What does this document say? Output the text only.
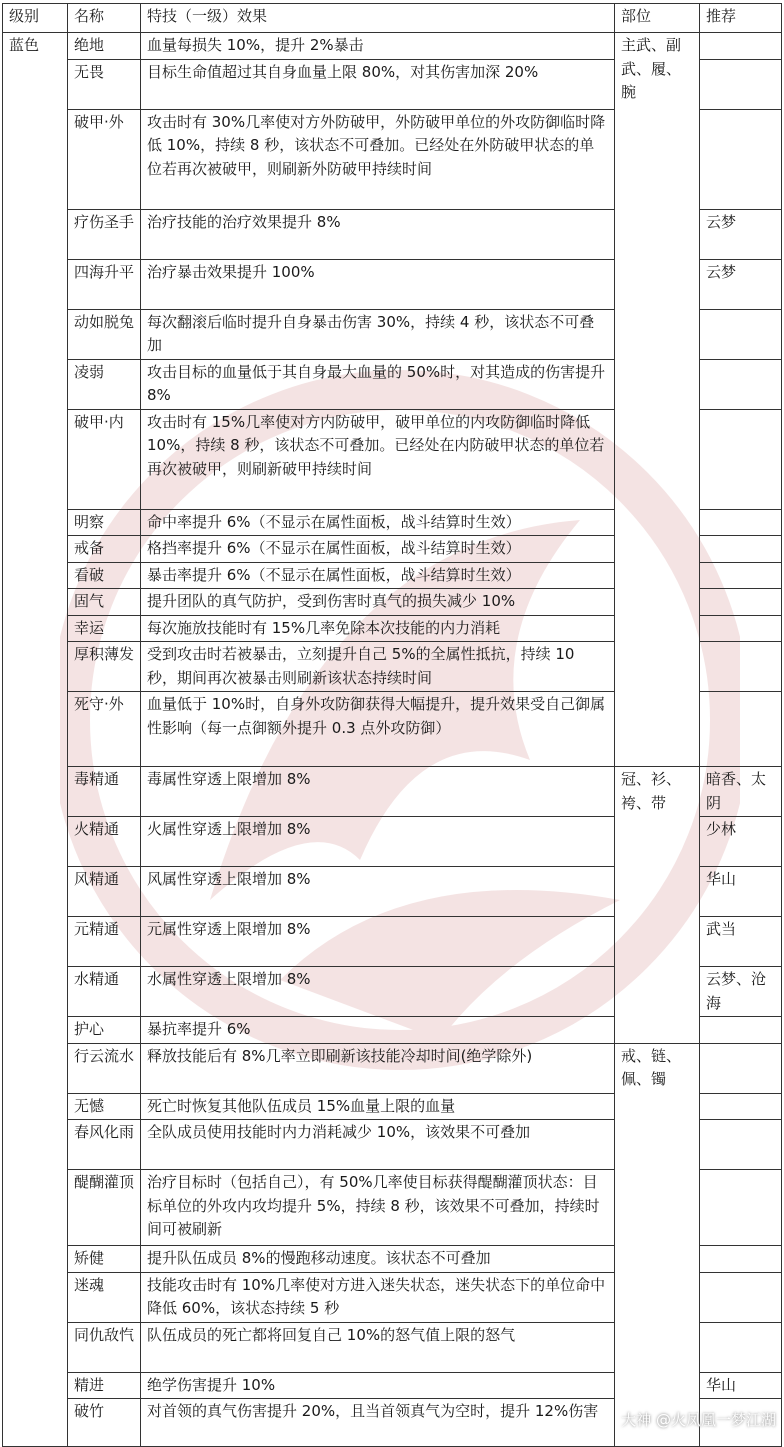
级别	名称	特技（一级）效果	部位	推荐
蓝色	绝地	血量每损失 10%，提升 2%暴击	主武、副武、履、腕	
	无畏	目标生命值超过其自身血量上限 80%，对其伤害加深 20%		
	破甲·外	攻击时有 30%几率使对方外防破甲，外防破甲单位的外攻防御临时降低 10%，持续 8 秒，该状态不可叠加。已经处在外防破甲状态的单位若再次被破甲，则刷新外防破甲持续时间		
	疗伤圣手	治疗技能的治疗效果提升 8%		云梦
	四海升平	治疗暴击效果提升 100%		云梦
	动如脱兔	每次翻滚后临时提升自身暴击伤害 30%，持续 4 秒，该状态不可叠加		
	凌弱	攻击目标的血量低于其自身最大血量的 50%时，对其造成的伤害提升 8%		
	破甲·内	攻击时有 15%几率使对方内防破甲，破甲单位的内攻防御临时降低 10%，持续 8 秒，该状态不可叠加。已经处在内防破甲状态的单位若再次被破甲，则刷新破甲持续时间		
	明察	命中率提升 6%（不显示在属性面板，战斗结算时生效）		
	戒备	格挡率提升 6%（不显示在属性面板，战斗结算时生效）		
	看破	暴击率提升 6%（不显示在属性面板，战斗结算时生效）		
	固气	提升团队的真气防护，受到伤害时真气的损失减少 10%		
	幸运	每次施放技能时有 15%几率免除本次技能的内力消耗		
	厚积薄发	受到攻击时若被暴击，立刻提升自己 5%的全属性抵抗，持续 10 秒，期间再次被暴击则刷新该状态持续时间		
	死守·外	血量低于 10%时，自身外攻防御获得大幅提升，提升效果受自己御属性影响（每一点御额外提升 0.3 点外攻防御）		
	毒精通	毒属性穿透上限增加 8%	冠、衫、袴、带	暗香、太阴
	火精通	火属性穿透上限增加 8%		少林
	风精通	风属性穿透上限增加 8%		华山
	元精通	元属性穿透上限增加 8%		武当
	水精通	水属性穿透上限增加 8%		云梦、沧海
	护心	暴抗率提升 6%		
	行云流水	释放技能后有 8%几率立即刷新该技能冷却时间(绝学除外)	戒、链、佩、镯	
	无憾	死亡时恢复其他队伍成员 15%血量上限的血量		
	春风化雨	全队成员使用技能时内力消耗减少 10%，该效果不可叠加		
	醍醐灌顶	治疗目标时（包括自己），有 50%几率使目标获得醍醐灌顶状态：目标单位的外攻内攻均提升 5%，持续 8 秒，该效果不可叠加，持续时间可被刷新		
	矫健	提升队伍成员 8%的慢跑移动速度。该状态不可叠加		
	迷魂	技能攻击时有 10%几率使对方进入迷失状态，迷失状态下的单位命中降低 60%，该状态持续 5 秒		
	同仇敌忾	队伍成员的死亡都将回复自己 10%的怒气值上限的怒气		
	精进	绝学伤害提升 10%		华山
	破竹	对首领的真气伤害提升 20%，且当首领真气为空时，提升 12%伤害		大神 @火凤凰一梦江湖
